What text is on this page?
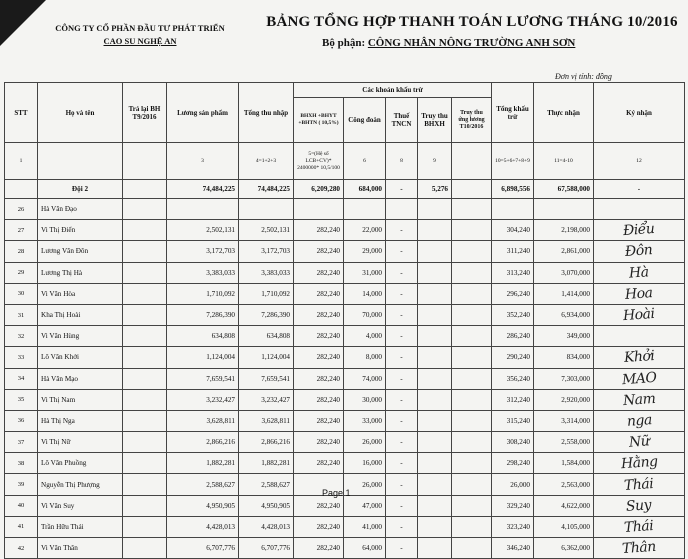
CÔNG TY CỔ PHẦN ĐẦU TƯ PHÁT TRIỂN
CAO SU NGHỆ AN
BẢNG TỔNG HỢP THANH TOÁN LƯƠNG THÁNG 10/2016
Bộ phận: CÔNG NHÂN NÔNG TRƯỜNG ANH SƠN
Đơn vị tính: đồng
STT	Họ và tên	Trả lại BH T9/2016	Lương sản phẩm	Tổng thu nhập	Các khoản khấu trừ					Tổng khấu trừ	Thực nhận	Ký nhận
					BHXH +BHYT +BHTN ( 10,5%)	Công đoàn	Thuế TNCN	Truy thu BHXH	Truy thu ứng lương T10/2016			
1			3	4=1+2+3	5=(Hệ số LCB+CV)* 2400000* 10,5/100	6	8	9		10=5+6+7+8+9	11=4-10	12
	Đội 2		74,484,225	74,484,225	6,209,280	684,000	-	5,276		6,898,556	67,588,000	-
26	Hà Văn Đạo											
27	Vi Thị Điển		2,502,131	2,502,131	282,240	22,000	-			304,240	2,198,000	Điểu
28	Lương Văn Đôn		3,172,703	3,172,703	282,240	29,000	-			311,240	2,861,000	Đôn
29	Lương Thị Hà		3,383,033	3,383,033	282,240	31,000	-			313,240	3,070,000	Hà
30	Vi Văn Hòa		1,710,092	1,710,092	282,240	14,000	-			296,240	1,414,000	Hoa
31	Kha Thị Hoài		7,286,390	7,286,390	282,240	70,000	-			352,240	6,934,000	Hoài
32	Vi Văn Hùng		634,808	634,808	282,240	4,000	-			286,240	349,000	
33	Lô Văn Khởi		1,124,004	1,124,004	282,240	8,000	-			290,240	834,000	Khởi
34	Hà Văn Mạo		7,659,541	7,659,541	282,240	74,000	-			356,240	7,303,000	MAO
35	Vi Thị Nam		3,232,427	3,232,427	282,240	30,000	-			312,240	2,920,000	Nam
36	Hà Thị Nga		3,628,811	3,628,811	282,240	33,000	-			315,240	3,314,000	nga
37	Vi Thị Nữ		2,866,216	2,866,216	282,240	26,000	-			308,240	2,558,000	Nữ
38	Lô Văn Phuồng		1,882,281	1,882,281	282,240	16,000	-			298,240	1,584,000	Hằng
39	Nguyễn Thị Phượng		2,588,627	2,588,627		26,000	-			26,000	2,563,000	Thái
40	Vi Văn Suy		4,950,905	4,950,905	282,240	47,000	-			329,240	4,622,000	Suy
41	Trần Hữu Thái		4,428,013	4,428,013	282,240	41,000	-			323,240	4,105,000	Thái
42	Vi Văn Thân		6,707,776	6,707,776	282,240	64,000	-			346,240	6,362,000	Thân
Page 1
